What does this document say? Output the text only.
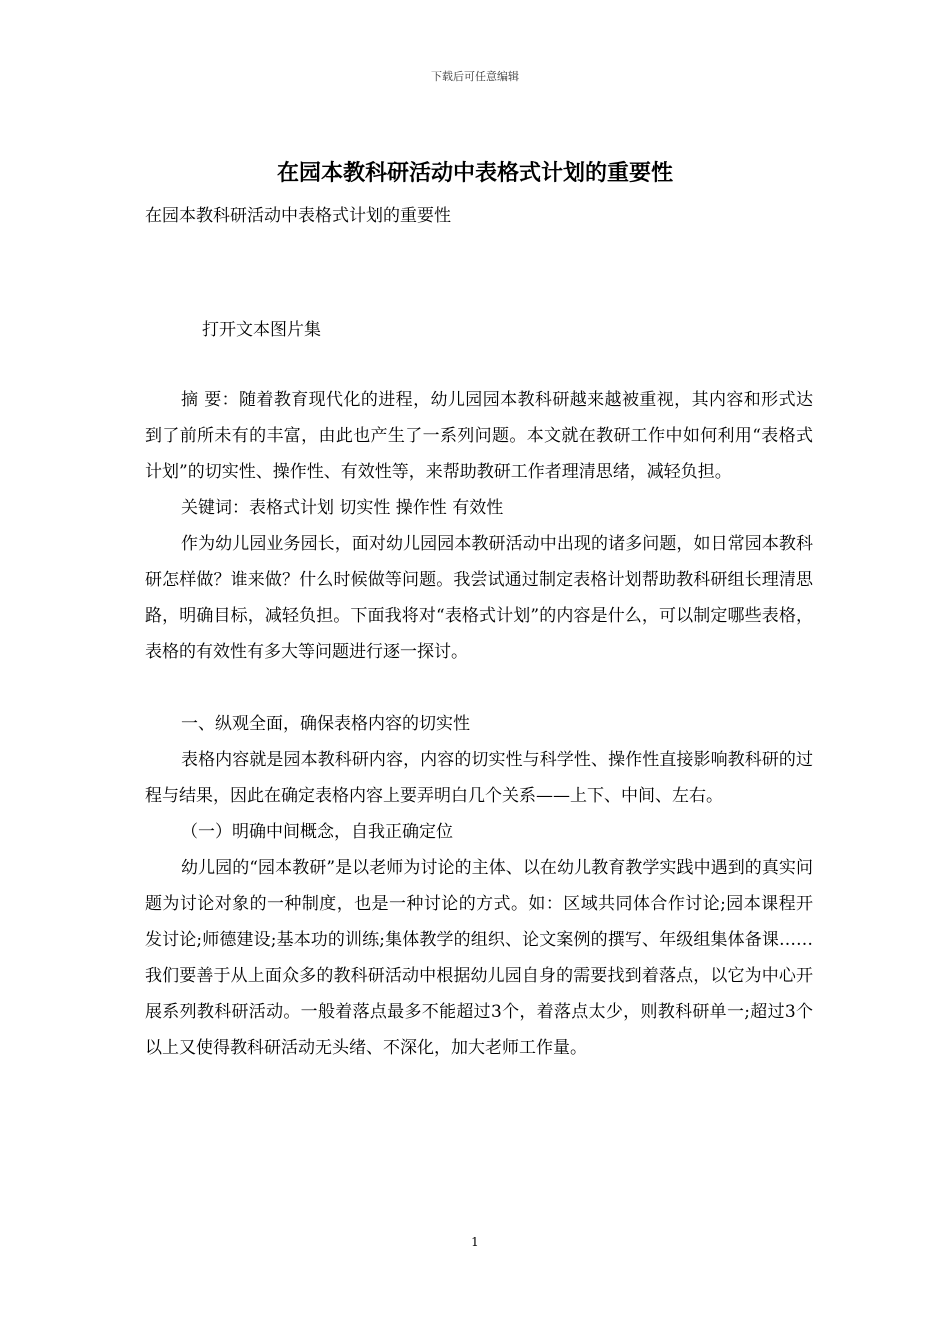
下载后可任意编辑
在园本教科研活动中表格式计划的重要性
在园本教科研活动中表格式计划的重要性
打开文本图片集

摘 要：随着教育现代化的进程，幼儿园园本教科研越来越被重视，其内容和形式达到了前所未有的丰富，由此也产生了一系列问题。本文就在教研工作中如何利用“表格式计划”的切实性、操作性、有效性等，来帮助教研工作者理清思绪，减轻负担。

关键词：表格式计划 切实性 操作性 有效性

作为幼儿园业务园长，面对幼儿园园本教研活动中出现的诸多问题，如日常园本教科研怎样做？谁来做？什么时候做等问题。我尝试通过制定表格计划帮助教科研组长理清思路，明确目标，减轻负担。下面我将对“表格式计划”的内容是什么，可以制定哪些表格，表格的有效性有多大等问题进行逐一探讨。

一、纵观全面，确保表格内容的切实性

表格内容就是园本教科研内容，内容的切实性与科学性、操作性直接影响教科研的过程与结果，因此在确定表格内容上要弄明白几个关系——上下、中间、左右。

（一）明确中间概念，自我正确定位

幼儿园的“园本教研”是以老师为讨论的主体、以在幼儿教育教学实践中遇到的真实问题为讨论对象的一种制度，也是一种讨论的方式。如：区域共同体合作讨论;园本课程开发讨论;师德建设;基本功的训练;集体教学的组织、论文案例的撰写、年级组集体备课…… 我们要善于从上面众多的教科研活动中根据幼儿园自身的需要找到着落点，以它为中心开展系列教科研活动。一般着落点最多不能超过3个，着落点太少，则教科研单一;超过3个以上又使得教科研活动无头绪、不深化，加大老师工作量。

1
